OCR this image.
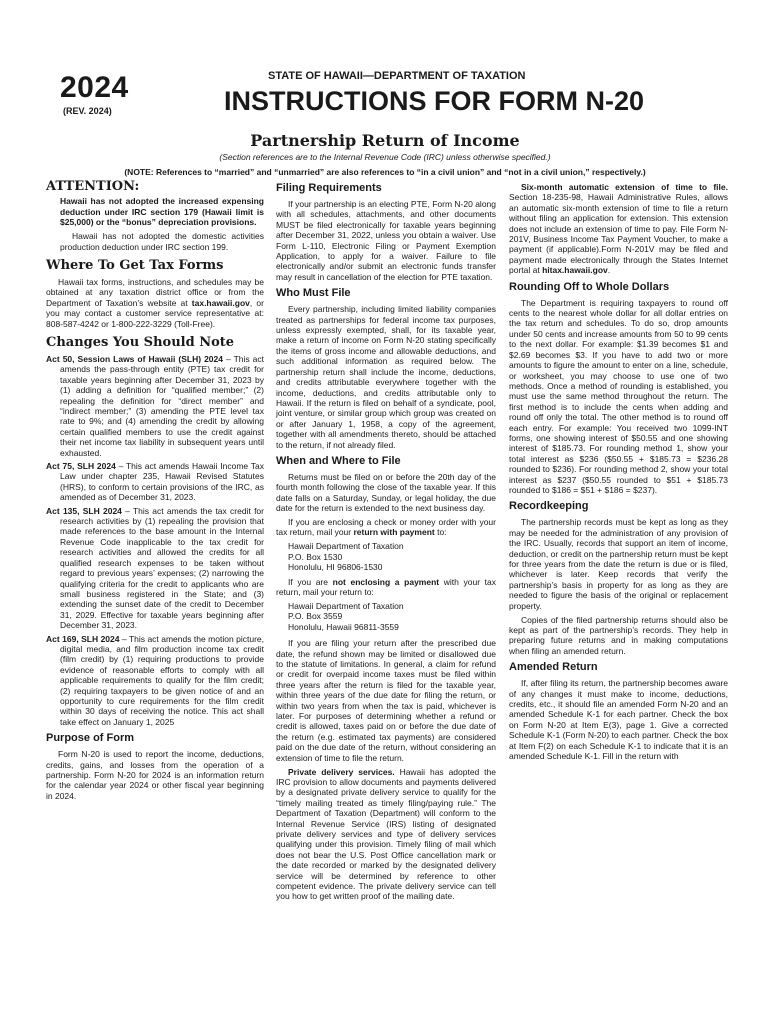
2024
(REV. 2024)
STATE OF HAWAII—DEPARTMENT OF TAXATION
INSTRUCTIONS FOR FORM N-20
Partnership Return of Income
(Section references are to the Internal Revenue Code (IRC) unless otherwise specified.)
(NOTE: References to “married” and “unmarried” are also references to “in a civil union” and “not in a civil union,” respectively.)
ATTENTION:

Hawaii has not adopted the increased expensing deduction under IRC section 179 (Hawaii limit is $25,000) or the “bonus” depreciation provisions.

Hawaii has not adopted the domestic activities production deduction under IRC section 199.

Where To Get Tax Forms

Hawaii tax forms, instructions, and schedules may be obtained at any taxation district office or from the Department of Taxation’s website at tax.hawaii.gov, or you may contact a customer service representative at: 808-587-4242 or 1-800-222-3229 (Toll-Free).

Changes You Should Note

Act 50, Session Laws of Hawaii (SLH) 2024 – This act amends the pass-through entity (PTE) tax credit for taxable years beginning after December 31, 2023 by (1) adding a definition for “qualified member;” (2) repealing the definition for “direct member” and “indirect member;” (3) amending the PTE level tax rate to 9%; and (4) amending the credit by allowing certain qualified members to use the credit against their net income tax liability in subsequent years until exhausted.

Act 75, SLH 2024 – This act amends Hawaii Income Tax Law under chapter 235, Hawaii Revised Statutes (HRS), to conform to certain provisions of the IRC, as amended as of December 31, 2023.

Act 135, SLH 2024 – This act amends the tax credit for research activities by (1) repealing the provision that made references to the base amount in the Internal Revenue Code inapplicable to the tax credit for research activities and allowed the credits for all qualified research expenses to be taken without regard to previous years’ expenses; (2) narrowing the qualifying criteria for the credit to applicants who are small business registered in the State; and (3) extending the sunset date of the credit to December 31, 2029. Effective for taxable years beginning after December 31, 2023.

Act 169, SLH 2024 – This act amends the motion picture, digital media, and film production income tax credit (film credit) by (1) requiring productions to provide evidence of reasonable efforts to comply with all applicable requirements to qualify for the film credit; (2) requiring taxpayers to be given notice of and an opportunity to cure requirements for the film credit within 30 days of receiving the notice. This act shall take effect on January 1, 2025

Purpose of Form

Form N-20 is used to report the income, deductions, credits, gains, and losses from the operation of a partnership. Form N-20 for 2024 is an information return for the calendar year 2024 or other fiscal year beginning in 2024.

Filing Requirements

If your partnership is an electing PTE, Form N-20 along with all schedules, attachments, and other documents MUST be filed electronically for taxable years beginning after December 31, 2022, unless you obtain a waiver. Use Form L-110, Electronic Filing or Payment Exemption Application, to apply for a waiver. Failure to file electronically and/or submit an electronic funds transfer may result in cancellation of the election for PTE taxation.

Who Must File

Every partnership, including limited liability companies treated as partnerships for federal income tax purposes, unless expressly exempted, shall, for its taxable year, make a return of income on Form N-20 stating specifically the items of gross income and allowable deductions, and such additional information as required below. The partnership return shall include the income, deductions, and credits attributable everywhere together with the income, deductions, and credits attributable only to Hawaii. If the return is filed on behalf of a syndicate, pool, joint venture, or similar group which group was created on or after January 1, 1958, a copy of the agreement, together with all amendments thereto, should be attached to the return, if not already filed.

When and Where to File

Returns must be filed on or before the 20th day of the fourth month following the close of the taxable year. If this date falls on a Saturday, Sunday, or legal holiday, the due date for the return is extended to the next business day.

If you are enclosing a check or money order with your tax return, mail your return with payment to:

Hawaii Department of Taxation
P.O. Box 1530
Honolulu, HI 96806-1530

If you are not enclosing a payment with your tax return, mail your return to:

Hawaii Department of Taxation
P.O. Box 3559
Honolulu, Hawaii 96811-3559

If you are filing your return after the prescribed due date, the refund shown may be limited or disallowed due to the statute of limitations. In general, a claim for refund or credit for overpaid income taxes must be filed within three years after the return is filed for the taxable year, within three years of the due date for filing the return, or within two years from when the tax is paid, whichever is later. For purposes of determining whether a refund or credit is allowed, taxes paid on or before the due date of the return (e.g. estimated tax payments) are considered paid on the due date of the return, without considering an extension of time to file the return.

Private delivery services. Hawaii has adopted the IRC provision to allow documents and payments delivered by a designated private delivery service to qualify for the “timely mailing treated as timely filing/paying rule.” The Department of Taxation (Department) will conform to the Internal Revenue Service (IRS) listing of designated private delivery services and type of delivery services qualifying under this provision. Timely filing of mail which does not bear the U.S. Post Office cancellation mark or the date recorded or marked by the designated delivery service will be determined by reference to other competent evidence. The private delivery service can tell you how to get written proof of the mailing date.

Six-month automatic extension of time to file. Section 18-235-98, Hawaii Administrative Rules, allows an automatic six-month extension of time to file a return without filing an application for extension. This extension does not include an extension of time to pay. File Form N-201V, Business Income Tax Payment Voucher, to make a payment (if applicable).Form N-201V may be filed and payment made electronically through the States Internet portal at hitax.hawaii.gov.

Rounding Off to Whole Dollars

The Department is requiring taxpayers to round off cents to the nearest whole dollar for all dollar entries on the tax return and schedules. To do so, drop amounts under 50 cents and increase amounts from 50 to 99 cents to the next dollar. For example: $1.39 becomes $1 and $2.69 becomes $3. If you have to add two or more amounts to figure the amount to enter on a line, schedule, or worksheet, you may choose to use one of two methods. Once a method of rounding is established, you must use the same method throughout the return. The first method is to include the cents when adding and round off only the total. The other method is to round off each entry. For example: You received two 1099-INT forms, one showing interest of $50.55 and one showing interest of $185.73. For rounding method 1, show your total interest as $236 ($50.55 + $185.73 = $236.28 rounded to $236). For rounding method 2, show your total interest as $237 ($50.55 rounded to $51 + $185.73 rounded to $186 = $51 + $186 = $237).

Recordkeeping

The partnership records must be kept as long as they may be needed for the administration of any provision of the IRC. Usually, records that support an item of income, deduction, or credit on the partnership return must be kept for three years from the date the return is due or is filed, whichever is later. Keep records that verify the partnership’s basis in property for as long as they are needed to figure the basis of the original or replacement property.

Copies of the filed partnership returns should also be kept as part of the partnership’s records. They help in preparing future returns and in making computations when filing an amended return.

Amended Return

If, after filing its return, the partnership becomes aware of any changes it must make to income, deductions, credits, etc., it should file an amended Form N-20 and an amended Schedule K-1 for each partner. Check the box on Form N-20 at Item E(3), page 1. Give a corrected Schedule K-1 (Form N-20) to each partner. Check the box at Item F(2) on each Schedule K-1 to indicate that it is an amended Schedule K-1. Fill in the return with
